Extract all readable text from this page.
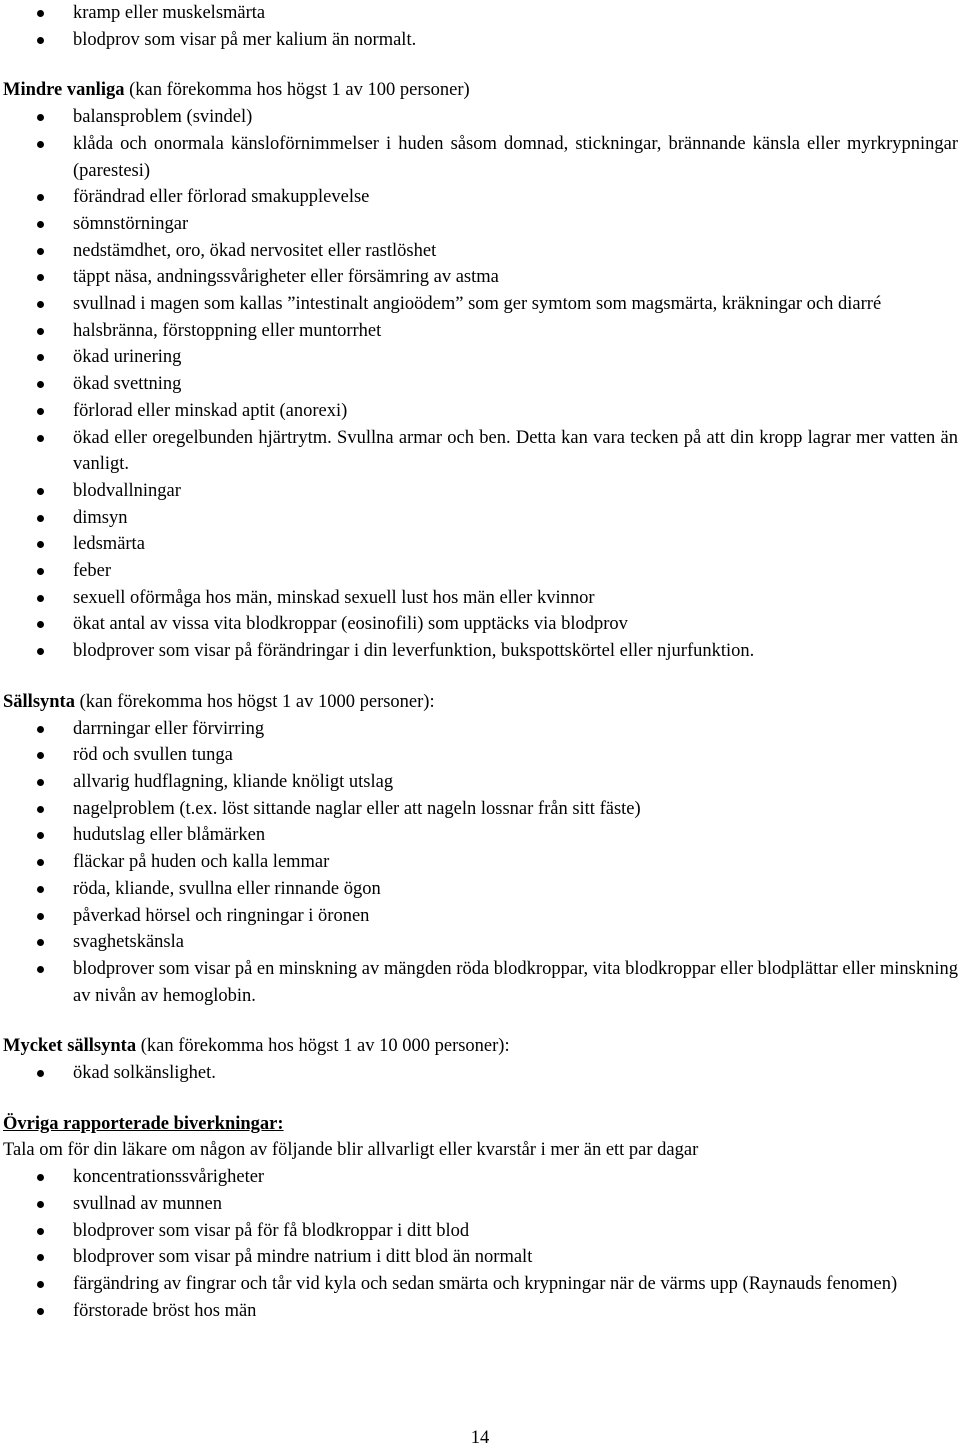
kramp eller muskelsmärta
blodprov som visar på mer kalium än normalt.
Mindre vanliga (kan förekomma hos högst 1 av 100 personer)
balansproblem (svindel)
klåda och onormala känsloförnimmelser i huden såsom domnad, stickningar, brännande känsla eller myrkrypningar (parestesi)
förändrad eller förlorad smakupplevelse
sömnstörningar
nedstämdhet, oro, ökad nervositet eller rastlöshet
täppt näsa, andningssvårigheter eller försämring av astma
svullnad i magen som kallas ”intestinalt angioödem” som ger symtom som magsmärta, kräkningar och diarré
halsbränna, förstoppning eller muntorrhet
ökad urinering
ökad svettning
förlorad eller minskad aptit (anorexi)
ökad eller oregelbunden hjärtrytm. Svullna armar och ben. Detta kan vara tecken på att din kropp lagrar mer vatten än vanligt.
blodvallningar
dimsyn
ledsmärta
feber
sexuell oförmåga hos män, minskad sexuell lust hos män eller kvinnor
ökat antal av vissa vita blodkroppar (eosinofili) som upptäcks via blodprov
blodprover som visar på förändringar i din leverfunktion, bukspottskörtel eller njurfunktion.
Sällsynta (kan förekomma hos högst 1 av 1000 personer):
darrningar eller förvirring
röd och svullen tunga
allvarig hudflagning, kliande knöligt utslag
nagelproblem (t.ex. löst sittande naglar eller att nageln lossnar från sitt fäste)
hudutslag eller blåmärken
fläckar på huden och kalla lemmar
röda, kliande, svullna eller rinnande ögon
påverkad hörsel och ringningar i öronen
svaghetskänsla
blodprover som visar på en minskning av mängden röda blodkroppar, vita blodkroppar eller blodplättar eller minskning av nivån av hemoglobin.
Mycket sällsynta (kan förekomma hos högst 1 av 10 000 personer):
ökad solkänslighet.
Övriga rapporterade biverkningar:
Tala om för din läkare om någon av följande blir allvarligt eller kvarstår i mer än ett par dagar
koncentrationssvårigheter
svullnad av munnen
blodprover som visar på för få blodkroppar i ditt blod
blodprover som visar på mindre natrium i ditt blod än normalt
färgändring av fingrar och tår vid kyla och sedan smärta och krypningar när de värms upp (Raynauds fenomen)
förstorade bröst hos män
14
